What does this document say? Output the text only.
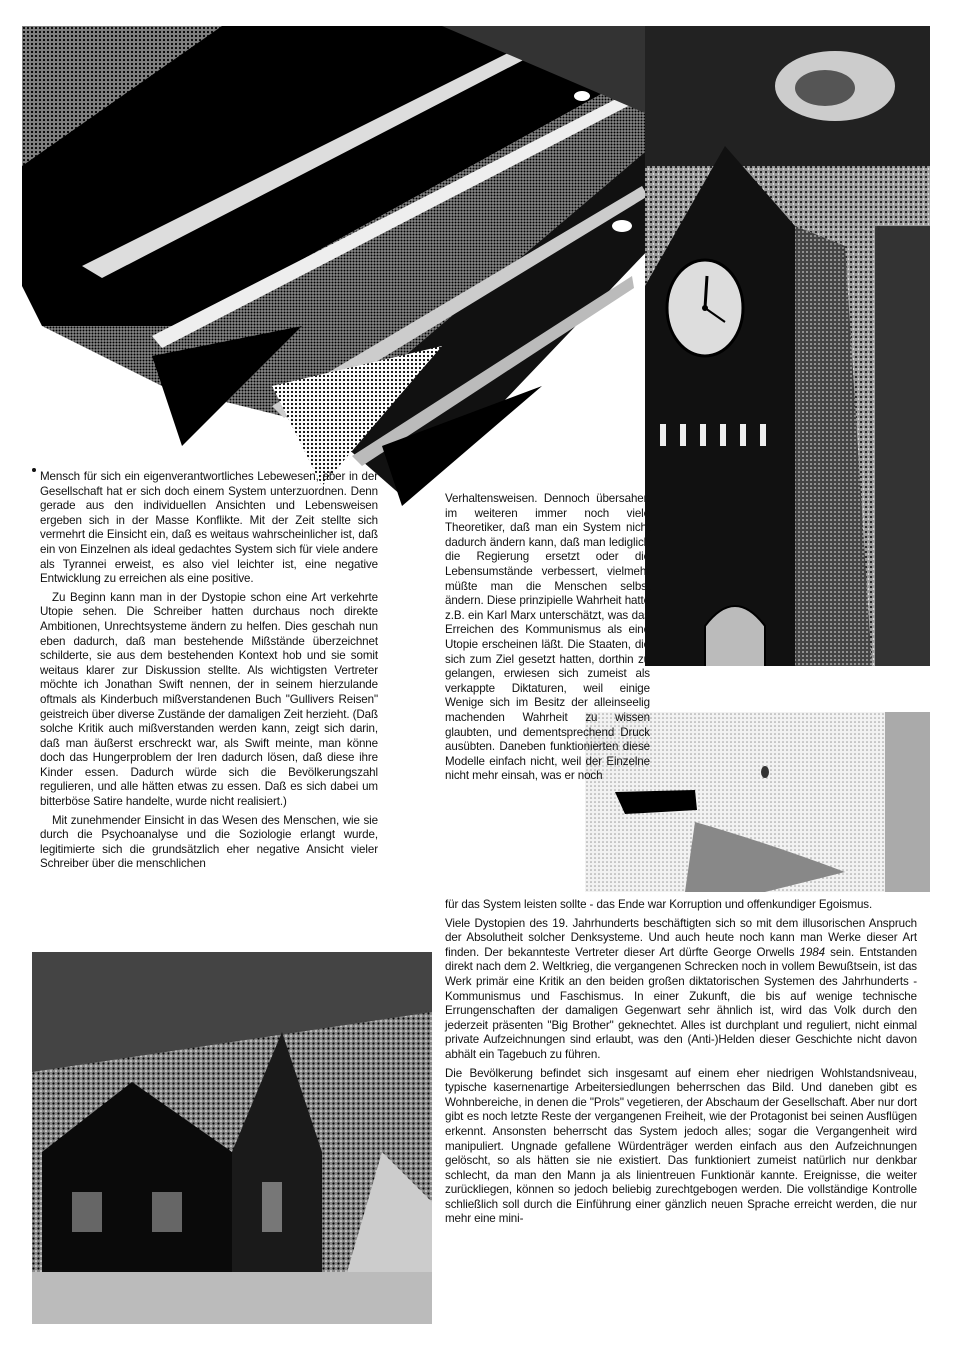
Mensch für sich ein eigenverantwortliches Lebewesen, aber in der Gesellschaft hat er sich doch einem System unterzuordnen. Denn gerade aus den individuellen Ansichten und Lebensweisen ergeben sich in der Masse Konflikte. Mit der Zeit stellte sich vermehrt die Einsicht ein, daß es weitaus wahrscheinlicher ist, daß ein von Einzelnen als ideal gedachtes System sich für viele andere als Tyrannei erweist, es also viel leichter ist, eine negative Entwicklung zu erreichen als eine positive.

Zu Beginn kann man in der Dystopie schon eine Art verkehrte Utopie sehen. Die Schreiber hatten durchaus noch direkte Ambitionen, Unrechtsysteme ändern zu helfen. Dies geschah nun eben dadurch, daß man bestehende Mißstände überzeichnet schilderte, sie aus dem bestehenden Kontext hob und sie somit weitaus klarer zur Diskussion stellte. Als wichtigsten Vertreter möchte ich Jonathan Swift nennen, der in seinem hierzulande oftmals als Kinderbuch mißverstandenen Buch "Gullivers Reisen" geistreich über diverse Zustände der damaligen Zeit herzieht. (Daß solche Kritik auch mißverstanden werden kann, zeigt sich darin, daß man äußerst erschreckt war, als Swift meinte, man könne doch das Hungerproblem der Iren dadurch lösen, daß diese ihre Kinder essen. Dadurch würde sich die Bevölkerungszahl regulieren, und alle hätten etwas zu essen. Daß es sich dabei um bitterböse Satire handelte, wurde nicht realisiert.)

Mit zunehmender Einsicht in das Wesen des Menschen, wie sie durch die Psychoanalyse und die Soziologie erlangt wurde, legitimierte sich die grundsätzlich eher negative Ansicht vieler Schreiber über die menschlichen

Verhaltensweisen. Dennoch übersahen im weiteren immer noch viele Theoretiker, daß man ein System nicht dadurch ändern kann, daß man lediglich die Regierung ersetzt oder die Lebensumstände verbessert, vielmehr müßte man die Menschen selbst ändern. Diese prinzipielle Wahrheit hatte z.B. ein Karl Marx unterschätzt, was das Erreichen des Kommunismus als eine Utopie erscheinen läßt. Die Staaten, die sich zum Ziel gesetzt hatten, dorthin zu gelangen, erwiesen sich zumeist als verkappte Diktaturen, weil einige Wenige sich im Besitz der alleinseelig machenden Wahrheit zu wissen glaubten, und dementsprechend Druck ausübten. Daneben funktionierten diese Modelle einfach nicht, weil der Einzelne nicht mehr einsah, was er noch

für das System leisten sollte - das Ende war Korruption und offenkundiger Egoismus.

Viele Dystopien des 19. Jahrhunderts beschäftigten sich so mit dem illusorischen Anspruch der Absolutheit solcher Denksysteme. Und auch heute noch kann man Werke dieser Art finden. Der bekannteste Vertreter dieser Art dürfte George Orwells 1984 sein. Entstanden direkt nach dem 2. Weltkrieg, die vergangenen Schrecken noch in vollem Bewußtsein, ist das Werk primär eine Kritik an den beiden großen diktatorischen Systemen des Jahrhunderts - Kommunismus und Faschismus. In einer Zukunft, die bis auf wenige technische Errungenschaften der damaligen Gegenwart sehr ähnlich ist, wird das Volk durch den jederzeit präsenten "Big Brother" geknechtet. Alles ist durchplant und reguliert, nicht einmal private Aufzeichnungen sind erlaubt, was den (Anti-)Helden dieser Geschichte nicht davon abhält ein Tagebuch zu führen.

Die Bevölkerung befindet sich insgesamt auf einem eher niedrigen Wohlstandsniveau, typische kasernenartige Arbeitersiedlungen beherrschen das Bild. Und daneben gibt es Wohnbereiche, in denen die "Prols" vegetieren, der Abschaum der Gesellschaft. Aber nur dort gibt es noch letzte Reste der vergangenen Freiheit, wie der Protagonist bei seinen Ausflügen erkennt. Ansonsten beherrscht das System jedoch alles; sogar die Vergangenheit wird manipuliert. Ungnade gefallene Würdenträger werden einfach aus den Aufzeichnungen gelöscht, so als hätten sie nie existiert. Das funktioniert zumeist natürlich nur denkbar schlecht, da man den Mann ja als linientreuen Funktionär kannte. Ereignisse, die weiter zurückliegen, können so jedoch beliebig zurechtgebogen werden. Die vollständige Kontrolle schließlich soll durch die Einführung einer gänzlich neuen Sprache erreicht werden, die nur mehr eine mini-
